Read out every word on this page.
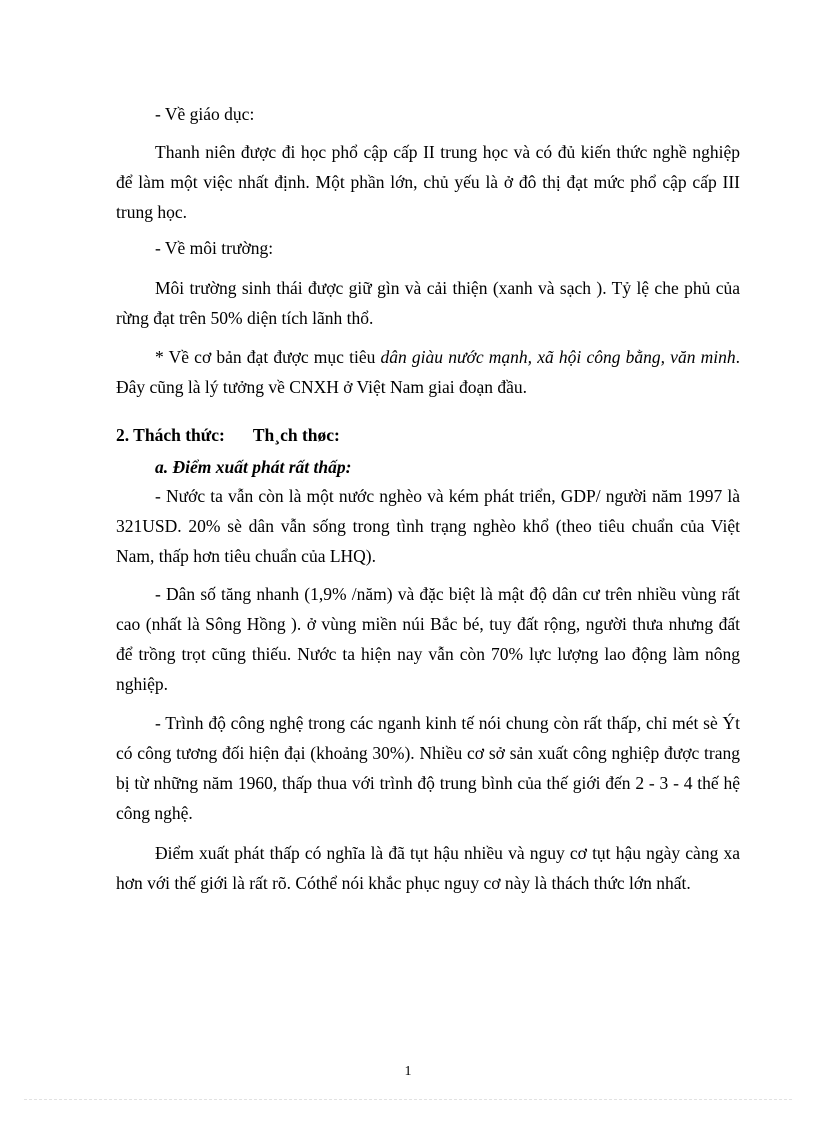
- Về giáo dục:

Thanh niên được đi học phổ cập cấp II trung học và có đủ kiến thức nghề nghiệp để làm một việc nhất định. Một phần lớn, chủ yếu là ở đô thị đạt mức phổ cập cấp III trung học.

- Về môi trường:

Môi trường sinh thái được giữ gìn và cải thiện (xanh và sạch ). Tỷ lệ che phủ của rừng đạt trên 50% diện tích lãnh thổ.

* Về cơ bản đạt được mục tiêu dân giàu nước mạnh, xã hội công bằng, văn minh. Đây cũng là lý tưởng về CNXH ở Việt Nam giai đoạn đầu.

2. Thách thức: Th¸ch thøc:

a. Điểm xuất phát rất thấp:

- Nước ta vẫn còn là một nước nghèo và kém phát triển, GDP/ người năm 1997 là 321USD. 20% sè dân vẫn sống trong tình trạng nghèo khổ (theo tiêu chuẩn của Việt Nam, thấp hơn tiêu chuẩn của LHQ).

- Dân số tăng nhanh (1,9% /năm) và đặc biệt là mật độ dân cư trên nhiều vùng rất cao (nhất là Sông Hồng ). ở vùng miền núi Bắc bé, tuy đất rộng, người thưa nhưng đất để trồng trọt cũng thiếu. Nước ta hiện nay vẫn còn 70% lực lượng lao động làm nông nghiệp.

- Trình độ công nghệ trong các nganh kinh tế nói chung còn rất thấp, chỉ mét sè Ýt có công tương đối hiện đại (khoảng 30%). Nhiều cơ sở sản xuất công nghiệp được trang bị từ những năm 1960, thấp thua với trình độ trung bình của thế giới đến 2 - 3 - 4 thế hệ công nghệ.

Điểm xuất phát thấp có nghĩa là đã tụt hậu nhiều và nguy cơ tụt hậu ngày càng xa hơn với thế giới là rất rõ. Cóthể nói khắc phục nguy cơ này là thách thức lớn nhất.

1
